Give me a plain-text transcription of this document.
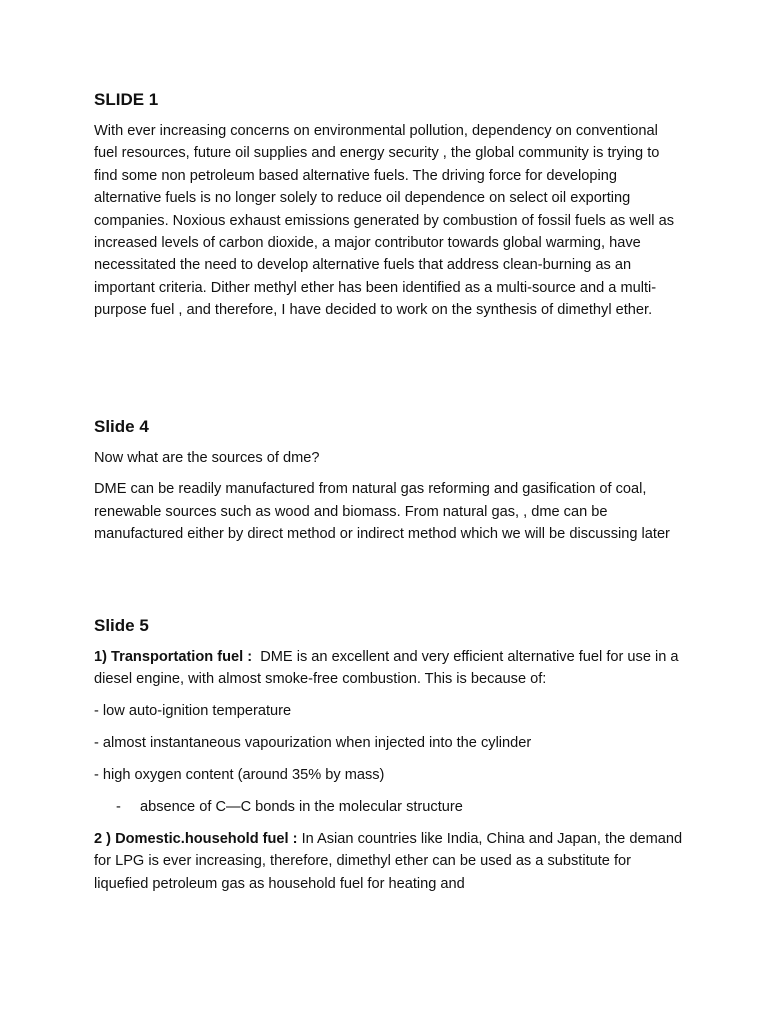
SLIDE 1

With ever increasing concerns on environmental pollution, dependency on conventional fuel resources, future oil supplies and energy security , the global community is trying to find some non petroleum based alternative fuels. The driving force for developing alternative fuels is no longer solely to reduce oil dependence on select oil exporting companies. Noxious exhaust emissions generated by combustion of fossil fuels as well as increased levels of carbon dioxide, a major contributor towards global warming, have necessitated the need to develop alternative fuels that address clean-burning as an important criteria. Dither methyl ether has been identified as a multi-source and a multi-purpose fuel , and therefore, I have decided to work on the synthesis of dimethyl ether.

Slide 4

Now what are the sources of dme?

DME can be readily manufactured from natural gas reforming and gasification of coal, renewable sources such as wood and biomass. From natural gas, , dme can be manufactured either by direct method or indirect method which we will be discussing later

Slide 5

1) Transportation fuel :  DME is an excellent and very efficient alternative fuel for use in a diesel engine, with almost smoke-free combustion. This is because of:

- low auto-ignition temperature
- almost instantaneous vapourization when injected into the cylinder
- high oxygen content (around 35% by mass)
- absence of C—C bonds in the molecular structure

2 ) Domestic.household fuel : In Asian countries like India, China and Japan, the demand for LPG is ever increasing, therefore, dimethyl ether can be used as a substitute for liquefied petroleum gas as household fuel for heating and
